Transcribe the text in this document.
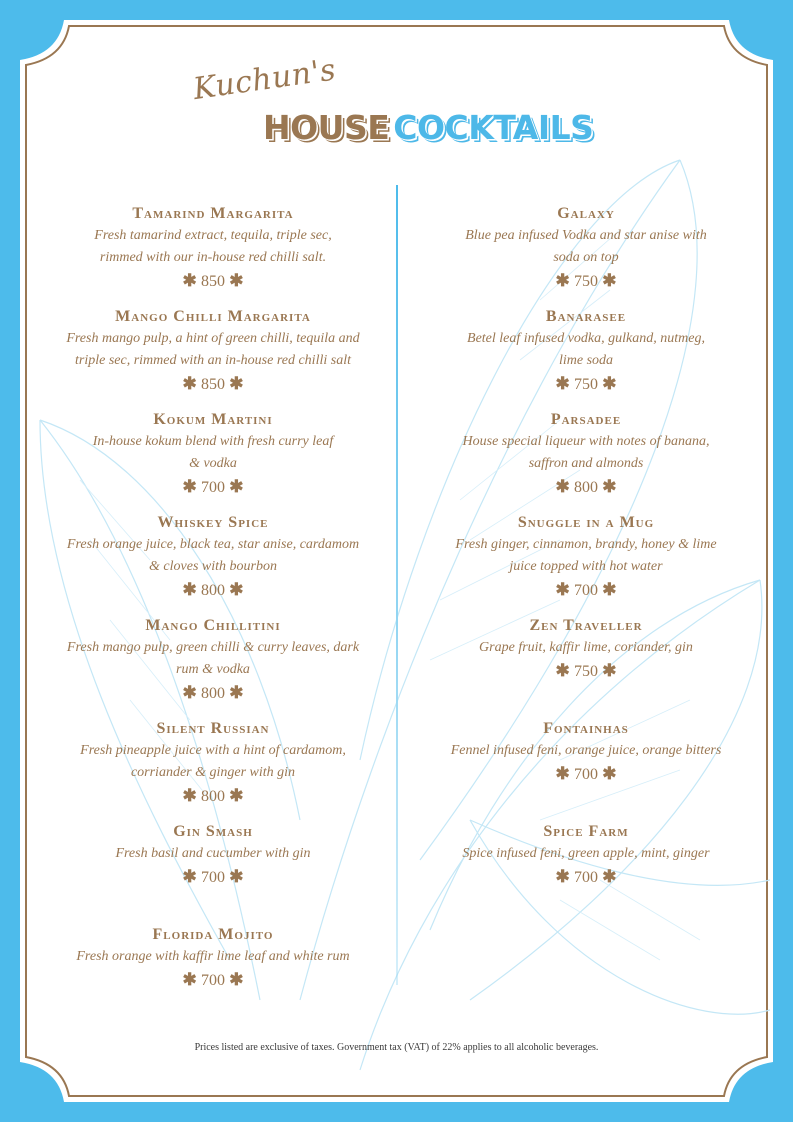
Kuchun's
HOUSE COCKTAILS
Tamarind Margarita
Fresh tamarind extract, tequila, triple sec,
rimmed with our in-house red chilli salt.
✱ 850 ✱
Mango Chilli Margarita
Fresh mango pulp, a hint of green chilli, tequila and
triple sec, rimmed with an in-house red chilli salt
✱ 850 ✱
Kokum Martini
In-house kokum blend with fresh curry leaf
& vodka
✱ 700 ✱
Whiskey Spice
Fresh orange juice, black tea, star anise, cardamom
& cloves with bourbon
✱ 800 ✱
Mango Chillitini
Fresh mango pulp, green chilli & curry leaves, dark
rum & vodka
✱ 800 ✱
Silent Russian
Fresh pineapple juice with a hint of cardamom,
corriander & ginger with gin
✱ 800 ✱
Gin Smash
Fresh basil and cucumber with gin
✱ 700 ✱
Florida Mojito
Fresh orange with kaffir lime leaf and white rum
✱ 700 ✱
Galaxy
Blue pea infused Vodka and star anise with
soda on top
✱ 750 ✱
Banarasee
Betel leaf infused vodka, gulkand, nutmeg,
lime soda
✱ 750 ✱
Parsadee
House special liqueur with notes of banana,
saffron and almonds
✱ 800 ✱
Snuggle in a Mug
Fresh ginger, cinnamon, brandy, honey & lime
juice topped with hot water
✱ 700 ✱
Zen Traveller
Grape fruit, kaffir lime, coriander, gin
✱ 750 ✱
Fontainhas
Fennel infused feni, orange juice, orange bitters
✱ 700 ✱
Spice Farm
Spice infused feni, green apple, mint, ginger
✱ 700 ✱
Prices listed are exclusive of taxes. Government tax (VAT) of 22% applies to all alcoholic beverages.
